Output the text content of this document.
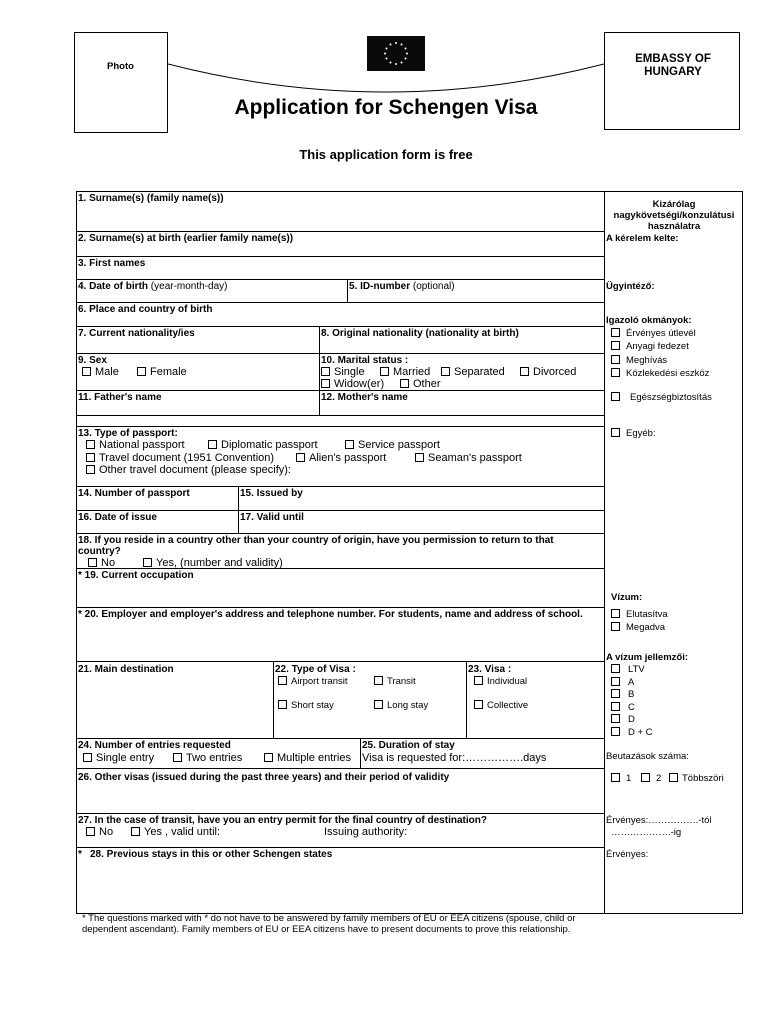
Photo
EMBASSY OF HUNGARY
Application for Schengen Visa
This application form is free
1. Surname(s) (family name(s))
2. Surname(s) at birth (earlier family name(s))
3. First names
4. Date of birth (year-month-day)	5. ID-number (optional)
6. Place and country of birth
7. Current nationality/ies	8. Original nationality (nationality at birth)
9. Sex
Male	Female
10. Marital status :
Single	Married	Separated	Divorced
Widow(er)	Other
11. Father's name	12. Mother's name
13. Type of passport:
National passport	Diplomatic passport	Service passport
Travel document (1951 Convention)	Alien's passport	Seaman's passport
Other travel document (please specify):
14. Number of passport	15. Issued by
16. Date of issue	17. Valid until
18. If you reside in a country other than your country of origin, have you permission to return to that
country?
No	Yes, (number and validity)
* 19. Current occupation
* 20. Employer and employer's address and telephone number. For students, name and address of school.
21. Main destination	22. Type of Visa :
Airport transit	Transit
Short stay	Long stay
23. Visa :
Individual
Collective
24. Number of entries requested
Single entry	Two entries	Multiple entries
25. Duration of stay
Visa is requested for:…………….days
26. Other visas (issued during the past three years) and their period of validity
27. In the case of transit, have you an entry permit for the final country of destination?
No	Yes , valid until:	Issuing authority:
* 28. Previous stays in this or other Schengen states
Kizárólag
nagykövetségi/konzulátusi
használatra
A kérelem kelte:
Ügyintéző:
Igazoló okmányok:
Érvényes útlevél
Anyagi fedezet
Meghívás
Közlekedési eszköz
Egészségbiztosítás
Egyéb:
Vízum:
Elutasítva
Megadva
A vízum jellemzői:
LTV
A
B
C
D
D + C
Beutazások száma:
1	2	Többszöri
Érvényes:…………….-tól
……………….-ig
Érvényes:
* The questions marked with * do not have to be answered by family members of EU or EEA citizens (spouse, child or
dependent ascendant). Family members of EU or EEA citizens have to present documents to prove this relationship.
